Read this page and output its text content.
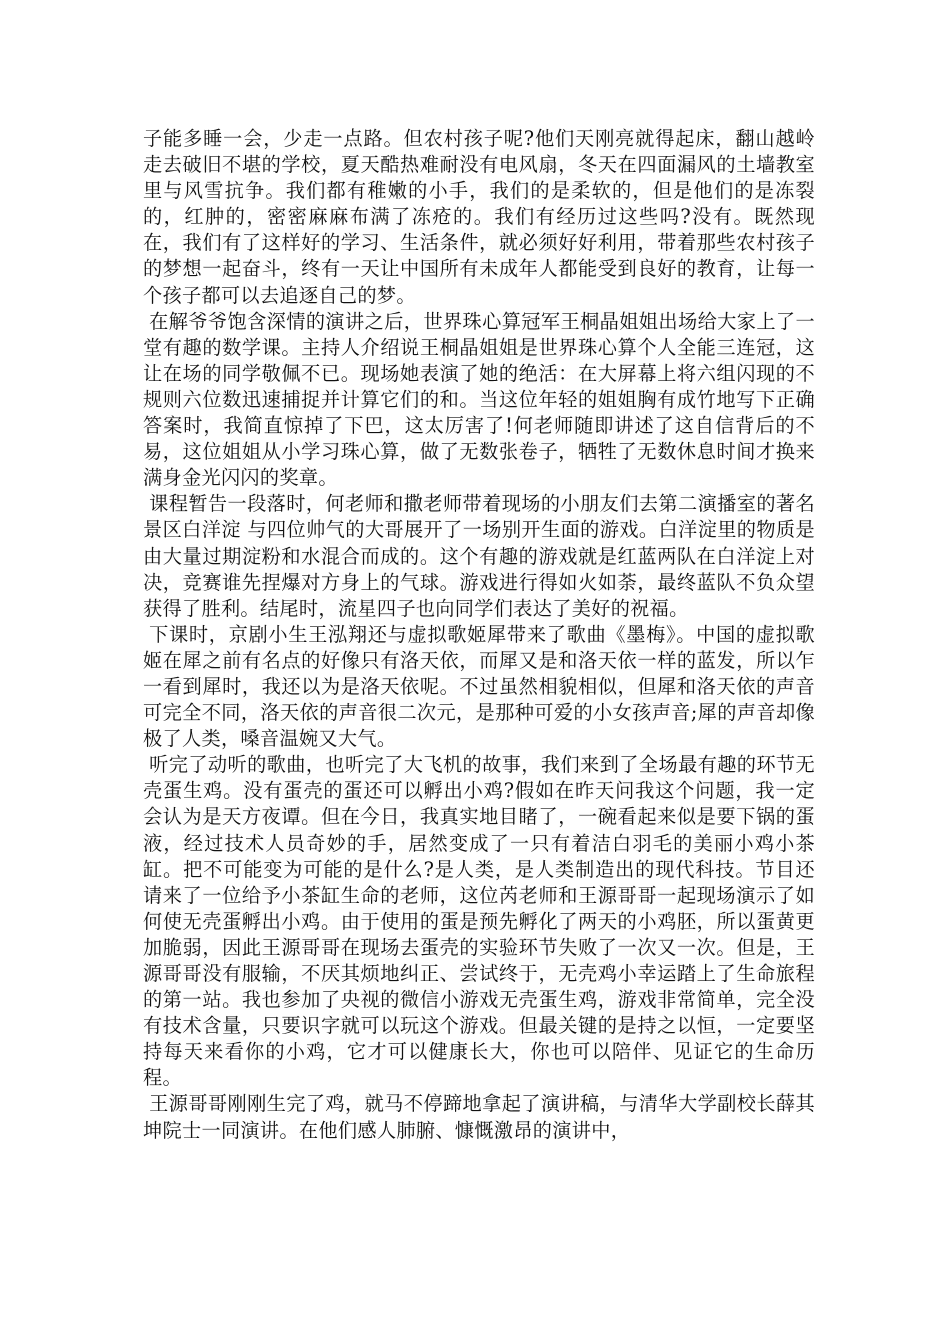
子能多睡一会，少走一点路。但农村孩子呢?他们天刚亮就得起床，翻山越岭走去破旧不堪的学校，夏天酷热难耐没有电风扇，冬天在四面漏风的土墙教室里与风雪抗争。我们都有稚嫩的小手，我们的是柔软的，但是他们的是冻裂的，红肿的，密密麻麻布满了冻疮的。我们有经历过这些吗?没有。既然现在，我们有了这样好的学习、生活条件，就必须好好利用，带着那些农村孩子的梦想一起奋斗，终有一天让中国所有未成年人都能受到良好的教育，让每一个孩子都可以去追逐自己的梦。

在解爷爷饱含深情的演讲之后，世界珠心算冠军王桐晶姐姐出场给大家上了一堂有趣的数学课。主持人介绍说王桐晶姐姐是世界珠心算个人全能三连冠，这让在场的同学敬佩不已。现场她表演了她的绝活：在大屏幕上将六组闪现的不规则六位数迅速捕捉并计算它们的和。当这位年轻的姐姐胸有成竹地写下正确答案时，我简直惊掉了下巴，这太厉害了!何老师随即讲述了这自信背后的不易，这位姐姐从小学习珠心算，做了无数张卷子，牺牲了无数休息时间才换来满身金光闪闪的奖章。

课程暂告一段落时，何老师和撒老师带着现场的小朋友们去第二演播室的著名景区白洋淀 与四位帅气的大哥展开了一场别开生面的游戏。白洋淀里的物质是由大量过期淀粉和水混合而成的。这个有趣的游戏就是红蓝两队在白洋淀上对决，竞赛谁先捏爆对方身上的气球。游戏进行得如火如荼，最终蓝队不负众望获得了胜利。结尾时，流星四子也向同学们表达了美好的祝福。

下课时，京剧小生王泓翔还与虚拟歌姬犀带来了歌曲《墨梅》。中国的虚拟歌姬在犀之前有名点的好像只有洛天依，而犀又是和洛天依一样的蓝发，所以乍一看到犀时，我还以为是洛天依呢。不过虽然相貌相似，但犀和洛天依的声音可完全不同，洛天依的声音很二次元，是那种可爱的小女孩声音;犀的声音却像极了人类，嗓音温婉又大气。

听完了动听的歌曲，也听完了大飞机的故事，我们来到了全场最有趣的环节无壳蛋生鸡。没有蛋壳的蛋还可以孵出小鸡?假如在昨天问我这个问题，我一定会认为是天方夜谭。但在今日，我真实地目睹了，一碗看起来似是要下锅的蛋液，经过技术人员奇妙的手，居然变成了一只有着洁白羽毛的美丽小鸡小茶缸。把不可能变为可能的是什么?是人类，是人类制造出的现代科技。节目还请来了一位给予小茶缸生命的老师，这位芮老师和王源哥哥一起现场演示了如何使无壳蛋孵出小鸡。由于使用的蛋是预先孵化了两天的小鸡胚，所以蛋黄更加脆弱，因此王源哥哥在现场去蛋壳的实验环节失败了一次又一次。但是，王源哥哥没有服输，不厌其烦地纠正、尝试终于，无壳鸡小幸运踏上了生命旅程的第一站。我也参加了央视的微信小游戏无壳蛋生鸡，游戏非常简单，完全没有技术含量，只要识字就可以玩这个游戏。但最关键的是持之以恒，一定要坚持每天来看你的小鸡，它才可以健康长大，你也可以陪伴、见证它的生命历程。

王源哥哥刚刚生完了鸡，就马不停蹄地拿起了演讲稿，与清华大学副校长薛其坤院士一同演讲。在他们感人肺腑、慷慨激昂的演讲中，
